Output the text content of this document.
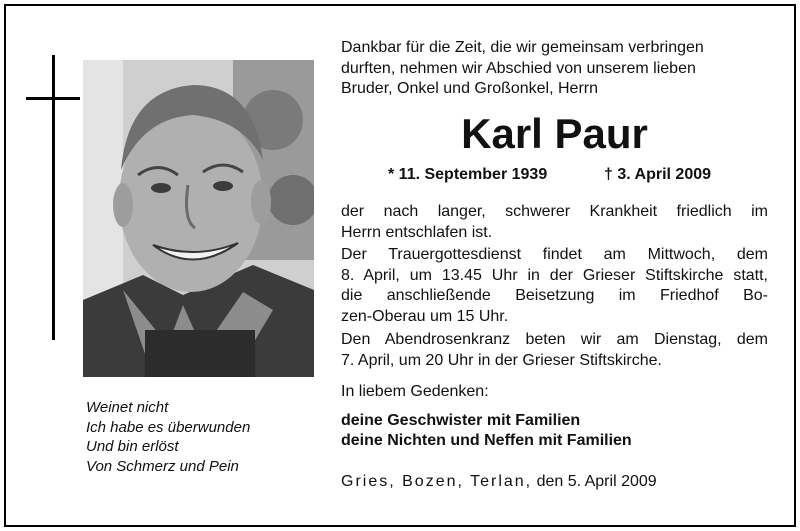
Weinet nicht
Ich habe es überwunden
Und bin erlöst
Von Schmerz und Pein
Dankbar für die Zeit, die wir gemeinsam verbringen
durften, nehmen wir Abschied von unserem lieben
Bruder, Onkel und Großonkel, Herrn
Karl Paur
* 11. September 1939	† 3. April 2009
der nach langer, schwerer Krankheit friedlich im
Herrn entschlafen ist.
Der Trauergottesdienst findet am Mittwoch, dem
8. April, um 13.45 Uhr in der Grieser Stiftskirche statt,
die anschließende Beisetzung im Friedhof Bo-
zen-Oberau um 15 Uhr.
Den Abendrosenkranz beten wir am Dienstag, dem
7. April, um 20 Uhr in der Grieser Stiftskirche.
In liebem Gedenken:
deine Geschwister mit Familien
deine Nichten und Neffen mit Familien
Gries, Bozen, Terlan, den 5. April 2009
